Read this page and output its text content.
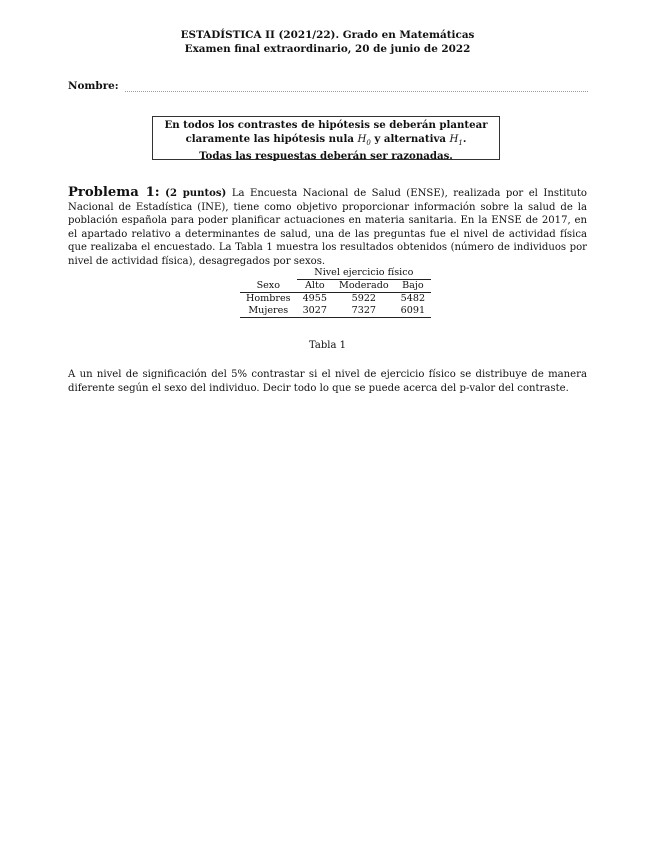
ESTADÍSTICA II (2021/22). Grado en Matemáticas
Examen final extraordinario, 20 de junio de 2022
Nombre:
En todos los contrastes de hipótesis se deberán plantear
claramente las hipótesis nula $H_0$ y alternativa $H_1$.
Todas las respuestas deberán ser razonadas.
Problema 1: (2 puntos) La Encuesta Nacional de Salud (ENSE), realizada por el Instituto Nacional de Estadística (INE), tiene como objetivo proporcionar información sobre la salud de la población española para poder planificar actuaciones en materia sanitaria. En la ENSE de 2017, en el apartado relativo a determinantes de salud, una de las preguntas fue el nivel de actividad física que realizaba el encuestado. La Tabla 1 muestra los resultados obtenidos (número de individuos por nivel de actividad física), desagregados por sexos.
	Nivel ejercicio físico		
Sexo	Alto	Moderado	Bajo
Hombres	4955	5922	5482
Mujeres	3027	7327	6091
Tabla 1
A un nivel de significación del 5% contrastar si el nivel de ejercicio físico se distribuye de manera diferente según el sexo del individuo. Decir todo lo que se puede acerca del p-valor del contraste.
